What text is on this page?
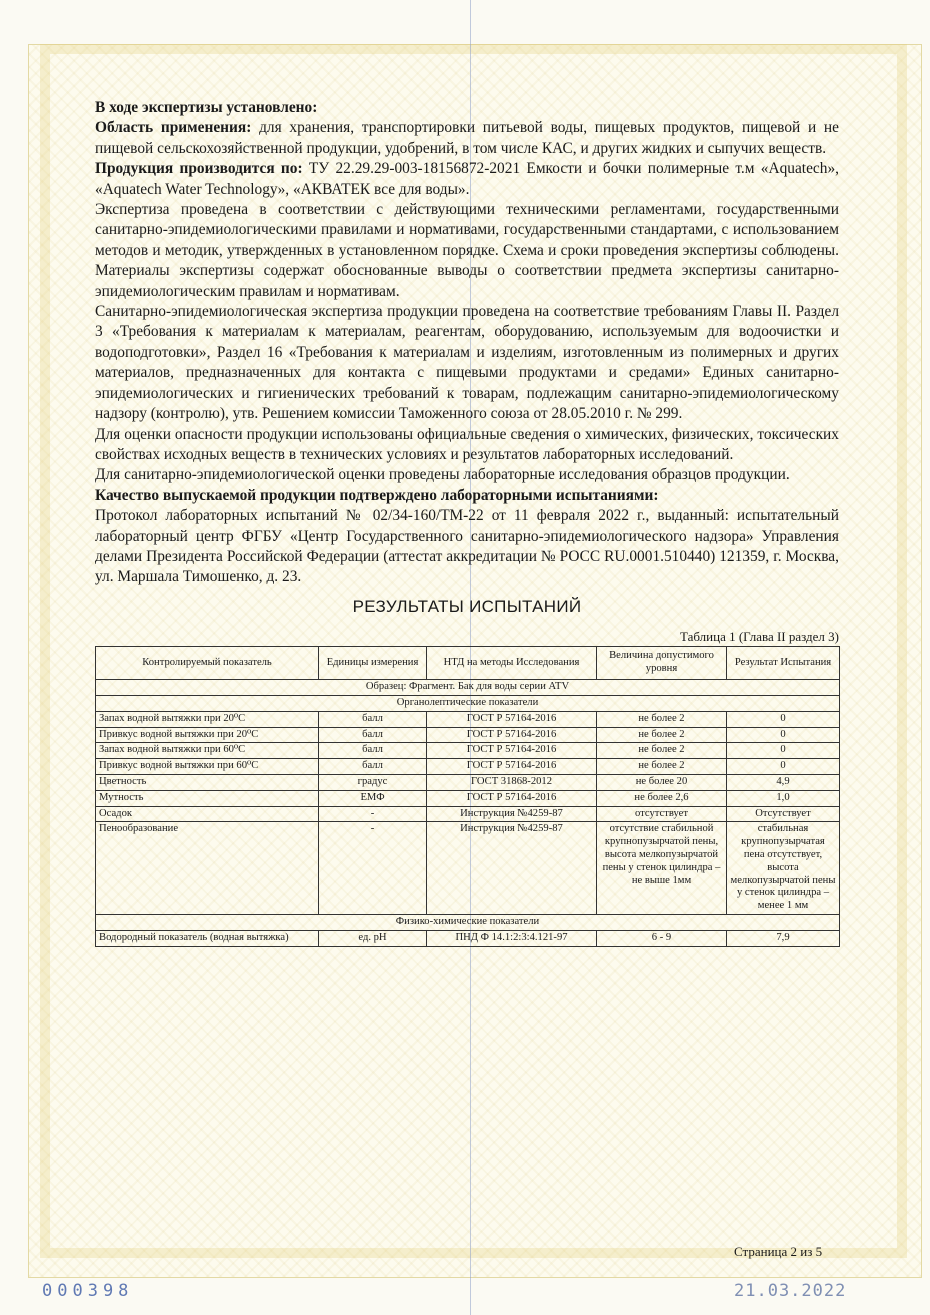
В ходе экспертизы установлено:

Область применения: для хранения, транспортировки питьевой воды, пищевых продуктов, пищевой и не пищевой сельскохозяйственной продукции, удобрений, в том числе КАС, и других жидких и сыпучих веществ.

Продукция производится по: ТУ 22.29.29-003-18156872-2021 Емкости и бочки полимерные т.м «Aquatech», «Aquatech Water Technology», «АКВАТЕК все для воды».

Экспертиза проведена в соответствии с действующими техническими регламентами, государственными санитарно-эпидемиологическими правилами и нормативами, государственными стандартами, с использованием методов и методик, утвержденных в установленном порядке. Схема и сроки проведения экспертизы соблюдены. Материалы экспертизы содержат обоснованные выводы о соответствии предмета экспертизы санитарно-эпидемиологическим правилам и нормативам.

Санитарно-эпидемиологическая экспертиза продукции проведена на соответствие требованиям Главы II. Раздел 3 «Требования к материалам к материалам, реагентам, оборудованию, используемым для водоочистки и водоподготовки», Раздел 16 «Требования к материалам и изделиям, изготовленным из полимерных и других материалов, предназначенных для контакта с пищевыми продуктами и средами» Единых санитарно-эпидемиологических и гигиенических требований к товарам, подлежащим санитарно-эпидемиологическому надзору (контролю), утв. Решением комиссии Таможенного союза от 28.05.2010 г. № 299.

Для оценки опасности продукции использованы официальные сведения о химических, физических, токсических свойствах исходных веществ в технических условиях и результатов лабораторных исследований.

Для санитарно-эпидемиологической оценки проведены лабораторные исследования образцов продукции.

Качество выпускаемой продукции подтверждено лабораторными испытаниями:

Протокол лабораторных испытаний № 02/34-160/ТМ-22 от 11 февраля 2022 г., выданный: испытательный лабораторный центр ФГБУ «Центр Государственного санитарно-эпидемиологического надзора» Управления делами Президента Российской Федерации (аттестат аккредитации № РОСС RU.0001.510440) 121359, г. Москва, ул. Маршала Тимошенко, д. 23.

РЕЗУЛЬТАТЫ ИСПЫТАНИЙ

Таблица 1 (Глава II раздел 3)

Контролируемый показатель	Единицы измерения	НТД на методы Исследования	Величина допустимого уровня	Результат Испытания
Образец: Фрагмент. Бак для воды серии ATV				
Органолептические показатели				
Запах водной вытяжки при 20⁰С	балл	ГОСТ Р 57164-2016	не более 2	0
Привкус водной вытяжки при 20⁰С	балл	ГОСТ Р 57164-2016	не более 2	0
Запах водной вытяжки при 60⁰С	балл	ГОСТ Р 57164-2016	не более 2	0
Привкус водной вытяжки при 60⁰С	балл	ГОСТ Р 57164-2016	не более 2	0
Цветность	градус	ГОСТ 31868-2012	не более 20	4,9
Мутность	ЕМФ	ГОСТ Р 57164-2016	не более 2,6	1,0
Осадок	-	Инструкция №4259-87	отсутствует	Отсутствует
Пенообразование	-	Инструкция №4259-87	отсутствие стабильной крупнопузырчатой пены, высота мелкопузырчатой пены у стенок цилиндра – не выше 1мм	стабильная крупнопузырчатая пена отсутствует, высота мелкопузырчатой пены у стенок цилиндра – менее 1 мм
Физико-химические показатели				
Водородный показатель (водная вытяжка)	ед. рН	ПНД Ф 14.1:2:3:4.121-97	6 - 9	7,9
Страница 2 из 5
000398	21.03.2022
